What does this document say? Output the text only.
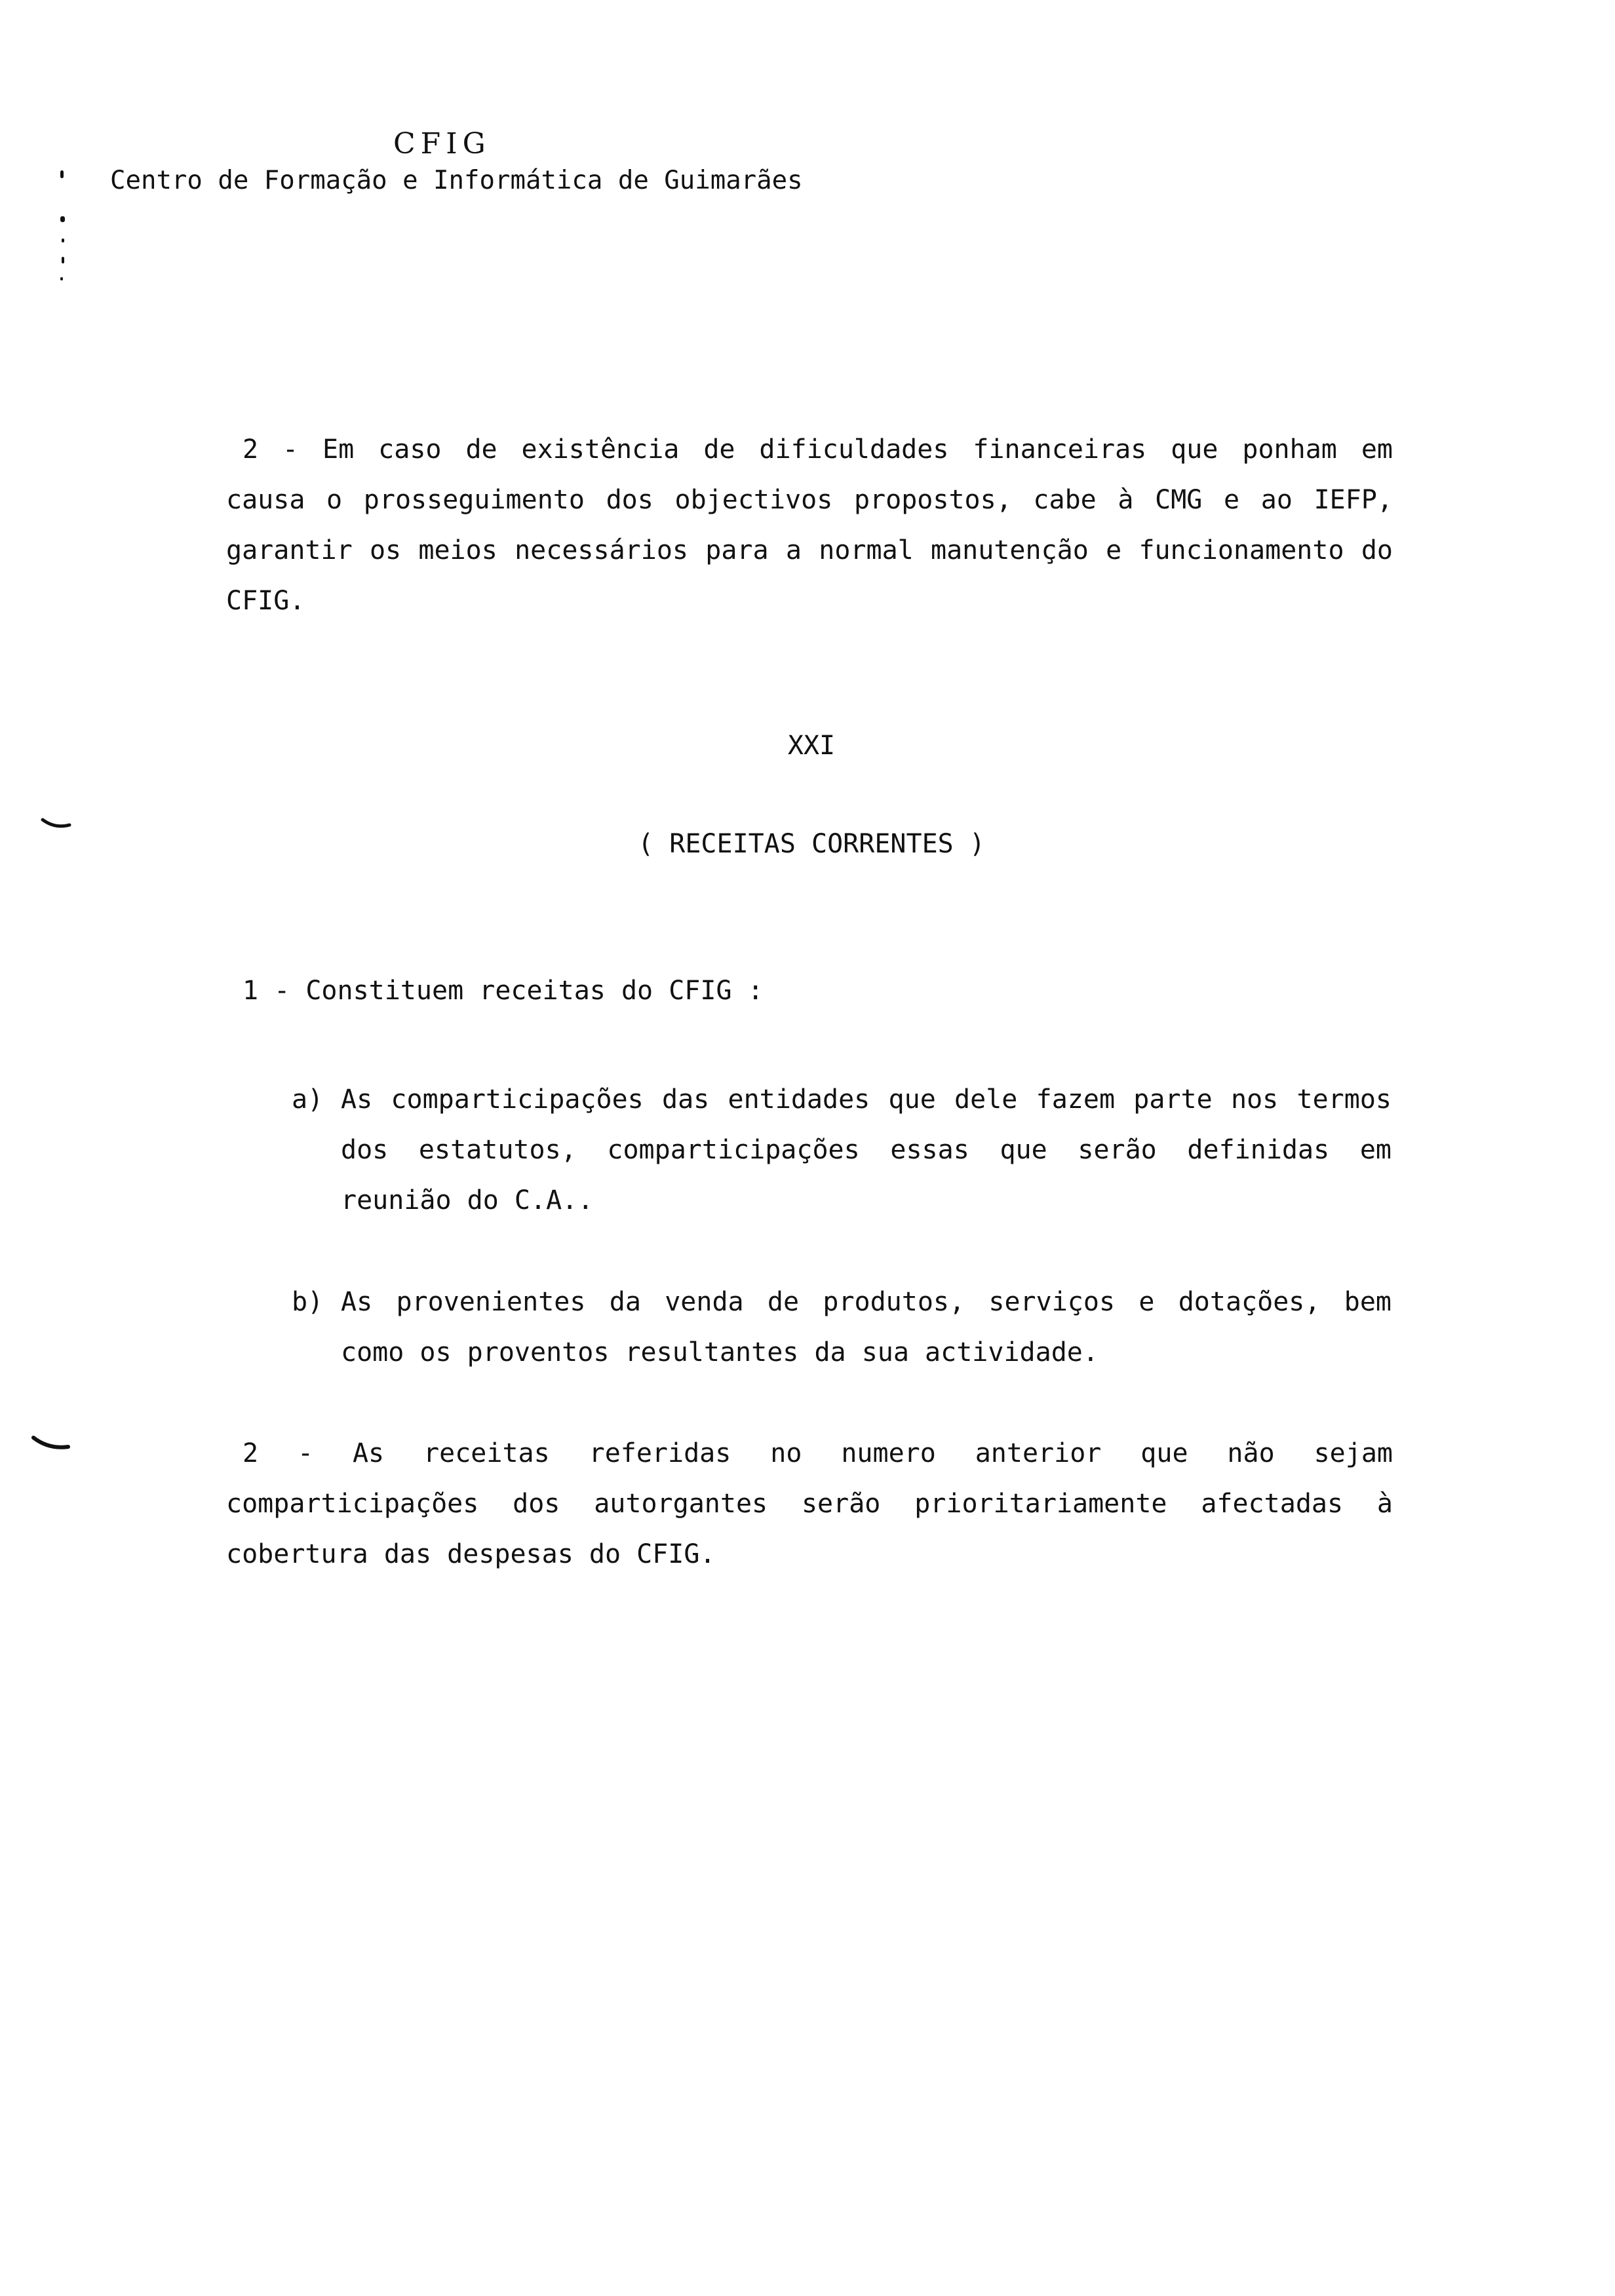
CFIG
Centro de Formação e Informática de Guimarães
2 - Em caso de existência de dificuldades financeiras que ponham em causa o prosseguimento dos objectivos propostos, cabe à CMG e ao IEFP, garantir os meios necessários para a normal manutenção e funcionamento do CFIG.
XXI
( RECEITAS CORRENTES )
1 - Constituem receitas do CFIG :
a) As comparticipações das entidades que dele fazem parte nos termos dos estatutos, comparticipações essas que serão definidas em reunião do C.A..
b) As provenientes da venda de produtos, serviços e dotações, bem como os proventos resultantes da sua actividade.
2 - As receitas referidas no numero anterior que não sejam comparticipações dos autorgantes serão prioritariamente afectadas à cobertura das despesas do CFIG.
